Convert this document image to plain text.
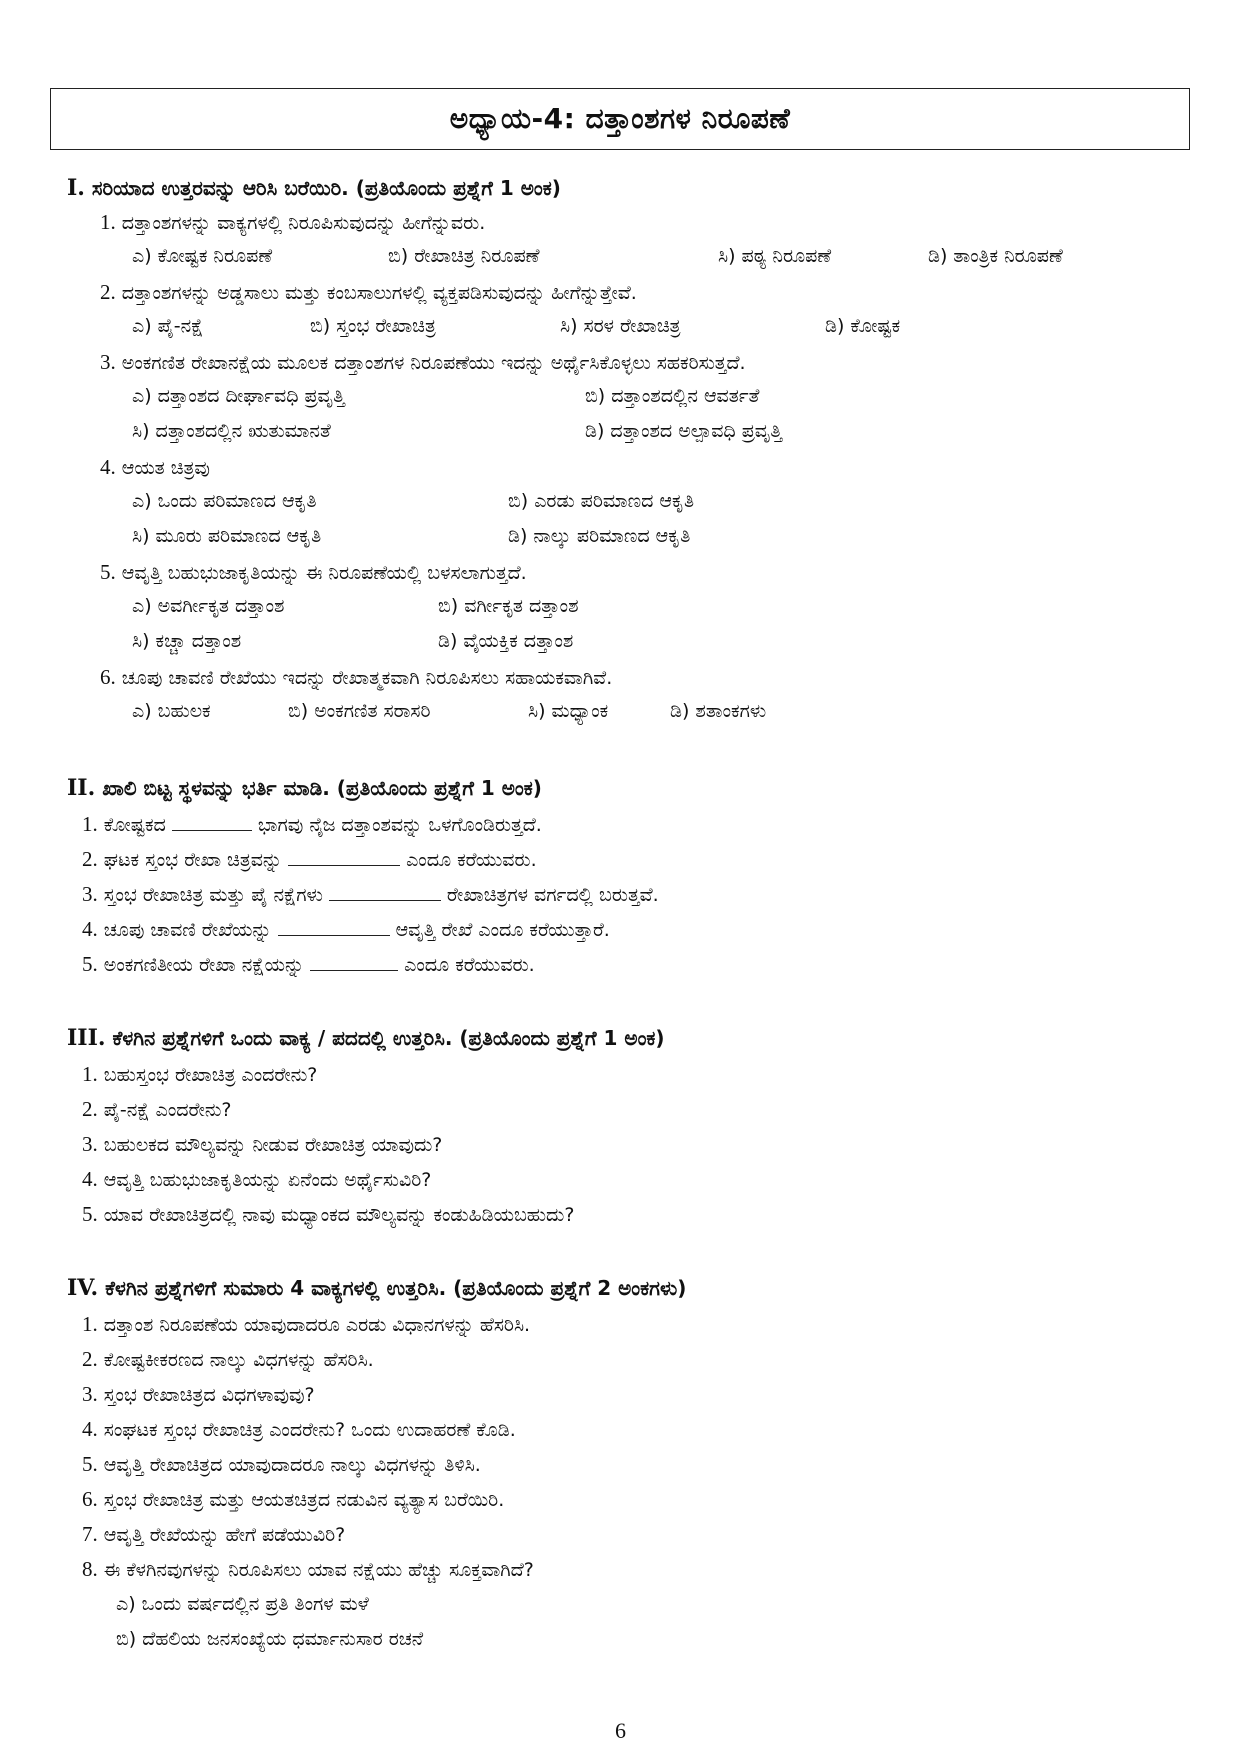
ಅಧ್ಯಾಯ-4: ದತ್ತಾಂಶಗಳ ನಿರೂಪಣೆ
I. ಸರಿಯಾದ ಉತ್ತರವನ್ನು ಆರಿಸಿ ಬರೆಯಿರಿ. (ಪ್ರತಿಯೊಂದು ಪ್ರಶ್ನೆಗೆ 1 ಅಂಕ)
1. ದತ್ತಾಂಶಗಳನ್ನು ವಾಕ್ಯಗಳಲ್ಲಿ ನಿರೂಪಿಸುವುದನ್ನು ಹೀಗೆನ್ನುವರು.
ಎ) ಕೋಷ್ಟಕ ನಿರೂಪಣೆ	ಬಿ) ರೇಖಾಚಿತ್ರ ನಿರೂಪಣೆ	ಸಿ) ಪಠ್ಯ ನಿರೂಪಣೆ	ಡಿ) ತಾಂತ್ರಿಕ ನಿರೂಪಣೆ
2. ದತ್ತಾಂಶಗಳನ್ನು ಅಡ್ಡಸಾಲು ಮತ್ತು ಕಂಬಸಾಲುಗಳಲ್ಲಿ ವ್ಯಕ್ತಪಡಿಸುವುದನ್ನು ಹೀಗೆನ್ನುತ್ತೇವೆ.
ಎ) ಪೈ-ನಕ್ಷೆ	ಬಿ) ಸ್ತಂಭ ರೇಖಾಚಿತ್ರ	ಸಿ) ಸರಳ ರೇಖಾಚಿತ್ರ	ಡಿ) ಕೋಷ್ಟಕ
3. ಅಂಕಗಣಿತ ರೇಖಾನಕ್ಷೆಯ ಮೂಲಕ ದತ್ತಾಂಶಗಳ ನಿರೂಪಣೆಯು ಇದನ್ನು ಅರ್ಥೈಸಿಕೊಳ್ಳಲು ಸಹಕರಿಸುತ್ತದೆ.
ಎ) ದತ್ತಾಂಶದ ದೀರ್ಘಾವಧಿ ಪ್ರವೃತ್ತಿ	ಬಿ) ದತ್ತಾಂಶದಲ್ಲಿನ ಆವರ್ತತೆ
ಸಿ) ದತ್ತಾಂಶದಲ್ಲಿನ ಋತುಮಾನತೆ	ಡಿ) ದತ್ತಾಂಶದ ಅಲ್ಪಾವಧಿ ಪ್ರವೃತ್ತಿ
4. ಆಯತ ಚಿತ್ರವು
ಎ) ಒಂದು ಪರಿಮಾಣದ ಆಕೃತಿ	ಬಿ) ಎರಡು ಪರಿಮಾಣದ ಆಕೃತಿ
ಸಿ) ಮೂರು ಪರಿಮಾಣದ ಆಕೃತಿ	ಡಿ) ನಾಲ್ಕು ಪರಿಮಾಣದ ಆಕೃತಿ
5. ಆವೃತ್ತಿ ಬಹುಭುಜಾಕೃತಿಯನ್ನು ಈ ನಿರೂಪಣೆಯಲ್ಲಿ ಬಳಸಲಾಗುತ್ತದೆ.
ಎ) ಅವರ್ಗೀಕೃತ ದತ್ತಾಂಶ	ಬಿ) ವರ್ಗೀಕೃತ ದತ್ತಾಂಶ
ಸಿ) ಕಚ್ಚಾ ದತ್ತಾಂಶ	ಡಿ) ವೈಯಕ್ತಿಕ ದತ್ತಾಂಶ
6. ಚೂಪು ಚಾವಣಿ ರೇಖೆಯು ಇದನ್ನು ರೇಖಾತ್ಮಕವಾಗಿ ನಿರೂಪಿಸಲು ಸಹಾಯಕವಾಗಿವೆ.
ಎ) ಬಹುಲಕ	ಬಿ) ಅಂಕಗಣಿತ ಸರಾಸರಿ	ಸಿ) ಮಧ್ಯಾಂಕ	ಡಿ) ಶತಾಂಕಗಳು
II. ಖಾಲಿ ಬಿಟ್ಟ ಸ್ಥಳವನ್ನು ಭರ್ತಿ ಮಾಡಿ. (ಪ್ರತಿಯೊಂದು ಪ್ರಶ್ನೆಗೆ 1 ಅಂಕ)
1. ಕೋಷ್ಟಕದ	ಭಾಗವು ನೈಜ ದತ್ತಾಂಶವನ್ನು ಒಳಗೊಂಡಿರುತ್ತದೆ.
2. ಘಟಕ ಸ್ತಂಭ ರೇಖಾ ಚಿತ್ರವನ್ನು	ಎಂದೂ ಕರೆಯುವರು.
3. ಸ್ತಂಭ ರೇಖಾಚಿತ್ರ ಮತ್ತು ಪೈ ನಕ್ಷೆಗಳು	ರೇಖಾಚಿತ್ರಗಳ ವರ್ಗದಲ್ಲಿ ಬರುತ್ತವೆ.
4. ಚೂಪು ಚಾವಣಿ ರೇಖೆಯನ್ನು	ಆವೃತ್ತಿ ರೇಖೆ ಎಂದೂ ಕರೆಯುತ್ತಾರೆ.
5. ಅಂಕಗಣಿತೀಯ ರೇಖಾ ನಕ್ಷೆಯನ್ನು	ಎಂದೂ ಕರೆಯುವರು.
III. ಕೆಳಗಿನ ಪ್ರಶ್ನೆಗಳಿಗೆ ಒಂದು ವಾಕ್ಯ / ಪದದಲ್ಲಿ ಉತ್ತರಿಸಿ. (ಪ್ರತಿಯೊಂದು ಪ್ರಶ್ನೆಗೆ 1 ಅಂಕ)
1. ಬಹುಸ್ತಂಭ ರೇಖಾಚಿತ್ರ ಎಂದರೇನು?
2. ಪೈ-ನಕ್ಷೆ ಎಂದರೇನು?
3. ಬಹುಲಕದ ಮೌಲ್ಯವನ್ನು ನೀಡುವ ರೇಖಾಚಿತ್ರ ಯಾವುದು?
4. ಆವೃತ್ತಿ ಬಹುಭುಜಾಕೃತಿಯನ್ನು ಏನೆಂದು ಅರ್ಥೈಸುವಿರಿ?
5. ಯಾವ ರೇಖಾಚಿತ್ರದಲ್ಲಿ ನಾವು ಮಧ್ಯಾಂಕದ ಮೌಲ್ಯವನ್ನು ಕಂಡುಹಿಡಿಯಬಹುದು?
IV. ಕೆಳಗಿನ ಪ್ರಶ್ನೆಗಳಿಗೆ ಸುಮಾರು 4 ವಾಕ್ಯಗಳಲ್ಲಿ ಉತ್ತರಿಸಿ. (ಪ್ರತಿಯೊಂದು ಪ್ರಶ್ನೆಗೆ 2 ಅಂಕಗಳು)
1. ದತ್ತಾಂಶ ನಿರೂಪಣೆಯ ಯಾವುದಾದರೂ ಎರಡು ವಿಧಾನಗಳನ್ನು ಹೆಸರಿಸಿ.
2. ಕೋಷ್ಟಕೀಕರಣದ ನಾಲ್ಕು ವಿಧಗಳನ್ನು ಹೆಸರಿಸಿ.
3. ಸ್ತಂಭ ರೇಖಾಚಿತ್ರದ ವಿಧಗಳಾವುವು?
4. ಸಂಘಟಕ ಸ್ತಂಭ ರೇಖಾಚಿತ್ರ ಎಂದರೇನು? ಒಂದು ಉದಾಹರಣೆ ಕೊಡಿ.
5. ಆವೃತ್ತಿ ರೇಖಾಚಿತ್ರದ ಯಾವುದಾದರೂ ನಾಲ್ಕು ವಿಧಗಳನ್ನು ತಿಳಿಸಿ.
6. ಸ್ತಂಭ ರೇಖಾಚಿತ್ರ ಮತ್ತು ಆಯತಚಿತ್ರದ ನಡುವಿನ ವ್ಯತ್ಯಾಸ ಬರೆಯಿರಿ.
7. ಆವೃತ್ತಿ ರೇಖೆಯನ್ನು ಹೇಗೆ ಪಡೆಯುವಿರಿ?
8. ಈ ಕೆಳಗಿನವುಗಳನ್ನು ನಿರೂಪಿಸಲು ಯಾವ ನಕ್ಷೆಯು ಹೆಚ್ಚು ಸೂಕ್ತವಾಗಿದೆ?
ಎ) ಒಂದು ವರ್ಷದಲ್ಲಿನ ಪ್ರತಿ ತಿಂಗಳ ಮಳೆ
ಬಿ) ದೆಹಲಿಯ ಜನಸಂಖ್ಯೆಯ ಧರ್ಮಾನುಸಾರ ರಚನೆ
6
